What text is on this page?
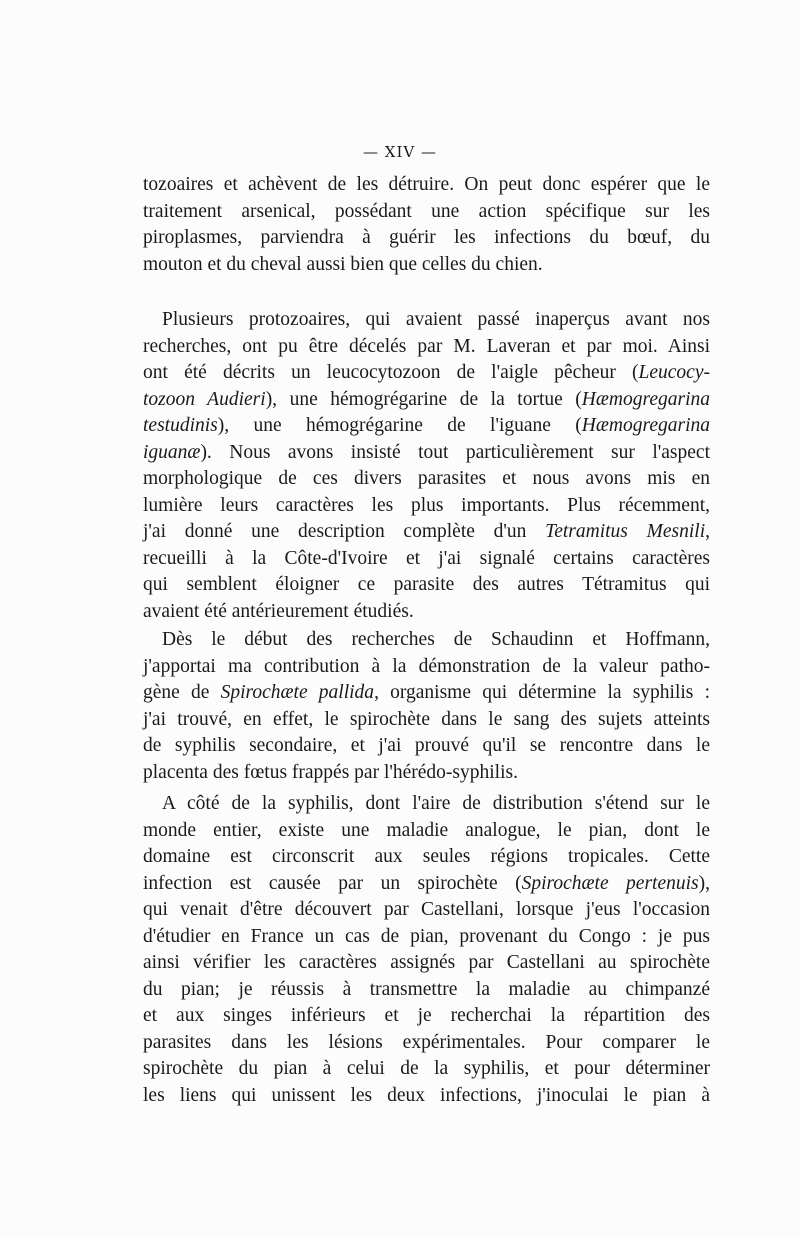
— XIV —
tozoaires et achèvent de les détruire. On peut donc espérer que le
traitement arsenical, possédant une action spécifique sur les
piroplasmes, parviendra à guérir les infections du bœuf, du
mouton et du cheval aussi bien que celles du chien.
Plusieurs protozoaires, qui avaient passé inaperçus avant nos
recherches, ont pu être décelés par M. Laveran et par moi. Ainsi
ont été décrits un leucocytozoon de l'aigle pêcheur (Leucocy-
tozoon Audieri), une hémogrégarine de la tortue (Hæmogregarina
testudinis), une hémogrégarine de l'iguane (Hæmogregarina
iguanæ). Nous avons insisté tout particulièrement sur l'aspect
morphologique de ces divers parasites et nous avons mis en
lumière leurs caractères les plus importants. Plus récemment,
j'ai donné une description complète d'un Tetramitus Mesnili,
recueilli à la Côte-d'Ivoire et j'ai signalé certains caractères
qui semblent éloigner ce parasite des autres Tétramitus qui
avaient été antérieurement étudiés.
Dès le début des recherches de Schaudinn et Hoffmann,
j'apportai ma contribution à la démonstration de la valeur patho-
gène de Spirochæte pallida, organisme qui détermine la syphilis :
j'ai trouvé, en effet, le spirochète dans le sang des sujets atteints
de syphilis secondaire, et j'ai prouvé qu'il se rencontre dans le
placenta des fœtus frappés par l'hérédo-syphilis.
A côté de la syphilis, dont l'aire de distribution s'étend sur le
monde entier, existe une maladie analogue, le pian, dont le
domaine est circonscrit aux seules régions tropicales. Cette
infection est causée par un spirochète (Spirochæte pertenuis),
qui venait d'être découvert par Castellani, lorsque j'eus l'occasion
d'étudier en France un cas de pian, provenant du Congo : je pus
ainsi vérifier les caractères assignés par Castellani au spirochète
du pian; je réussis à transmettre la maladie au chimpanzé
et aux singes inférieurs et je recherchai la répartition des
parasites dans les lésions expérimentales. Pour comparer le
spirochète du pian à celui de la syphilis, et pour déterminer
les liens qui unissent les deux infections, j'inoculai le pian à
